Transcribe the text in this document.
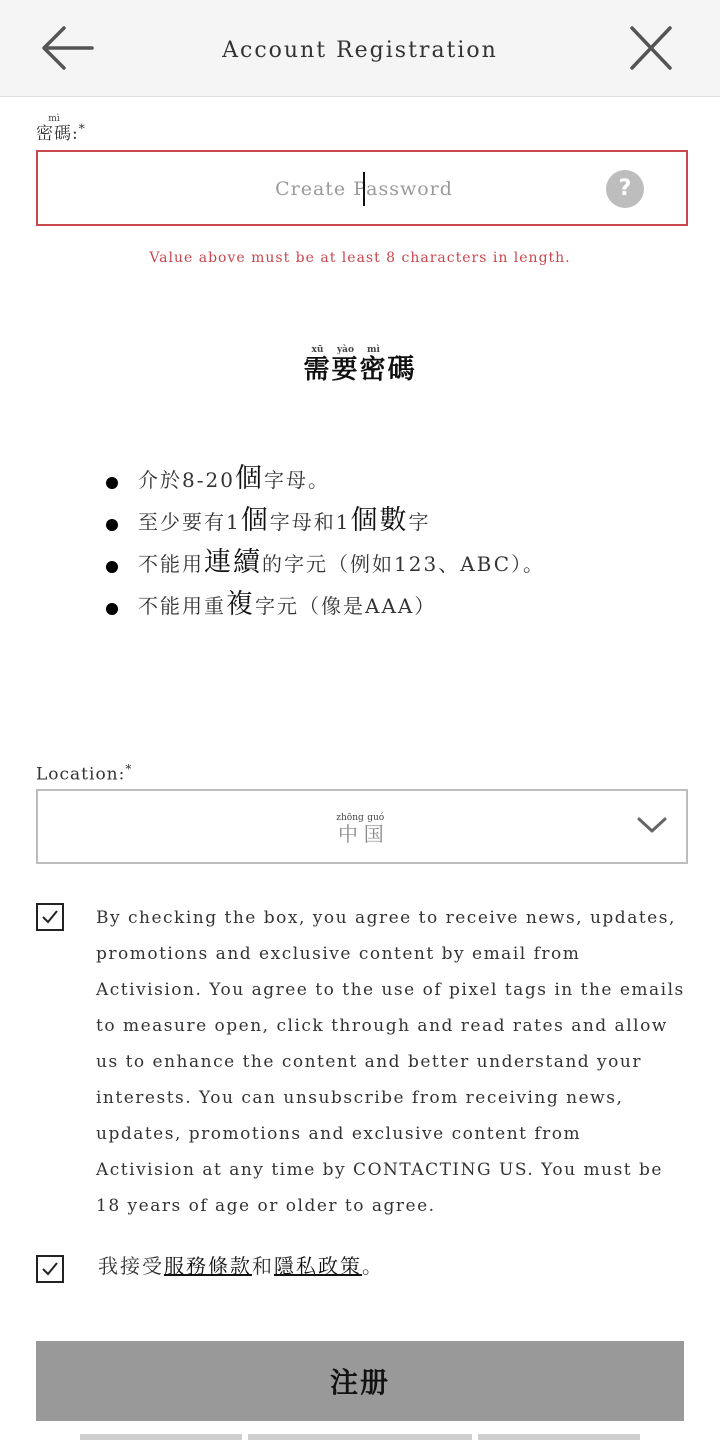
Account Registration
密碼mì:*
?
Value above must be at least 8 characters in length.
需xū要yào密mì碼
介於8-20個字母。
至少要有1個字母和1個數字
不能用連續的字元（例如123、ABC）。
不能用重複字元（像是AAA）
Location:*
中zhōng国guó
By checking the box, you agree to receive news, updates, promotions and exclusive content by email from Activision. You agree to the use of pixel tags in the emails to measure open, click through and read rates and allow us to enhance the content and better understand your interests. You can unsubscribe from receiving news, updates, promotions and exclusive content from Activision at any time by CONTACTING US. You must be 18 years of age or older to agree.
我接受服務條款和隱私政策。
注册
